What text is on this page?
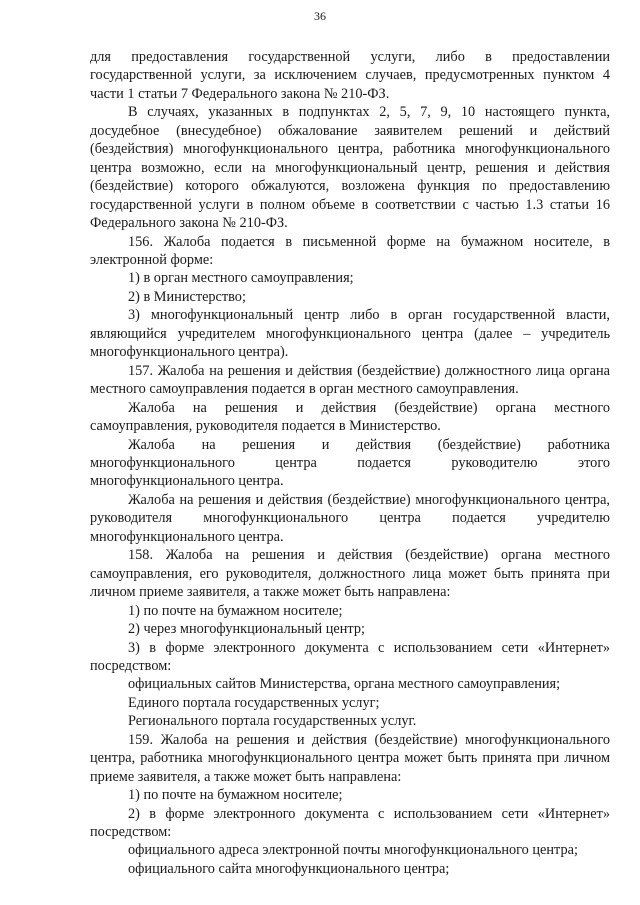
36

для предоставления государственной услуги, либо в предоставлении государственной услуги, за исключением случаев, предусмотренных пунктом 4 части 1 статьи 7 Федерального закона № 210-ФЗ.

В случаях, указанных в подпунктах 2, 5, 7, 9, 10 настоящего пункта, досудебное (внесудебное) обжалование заявителем решений и действий (бездействия) многофункционального центра, работника многофункционального центра возможно, если на многофункциональный центр, решения и действия (бездействие) которого обжалуются, возложена функция по предоставлению государственной услуги в полном объеме в соответствии с частью 1.3 статьи 16 Федерального закона № 210-ФЗ.

156. Жалоба подается в письменной форме на бумажном носителе, в электронной форме:

1) в орган местного самоуправления;

2) в Министерство;

3) многофункциональный центр либо в орган государственной власти, являющийся учредителем многофункционального центра (далее – учредитель многофункционального центра).

157. Жалоба на решения и действия (бездействие) должностного лица органа местного самоуправления подается в орган местного самоуправления.

Жалоба на решения и действия (бездействие) органа местного самоуправления, руководителя подается в Министерство.

Жалоба на решения и действия (бездействие) работника многофункционального центра подается руководителю этого многофункционального центра.

Жалоба на решения и действия (бездействие) многофункционального центра, руководителя многофункционального центра подается учредителю многофункционального центра.

158. Жалоба на решения и действия (бездействие) органа местного самоуправления, его руководителя, должностного лица может быть принята при личном приеме заявителя, а также может быть направлена:

1) по почте на бумажном носителе;

2) через многофункциональный центр;

3) в форме электронного документа с использованием сети «Интернет» посредством:

официальных сайтов Министерства, органа местного самоуправления;

Единого портала государственных услуг;

Регионального портала государственных услуг.

159. Жалоба на решения и действия (бездействие) многофункционального центра, работника многофункционального центра может быть принята при личном приеме заявителя, а также может быть направлена:

1) по почте на бумажном носителе;

2) в форме электронного документа с использованием сети «Интернет» посредством:

официального адреса электронной почты многофункционального центра;

официального сайта многофункционального центра;
